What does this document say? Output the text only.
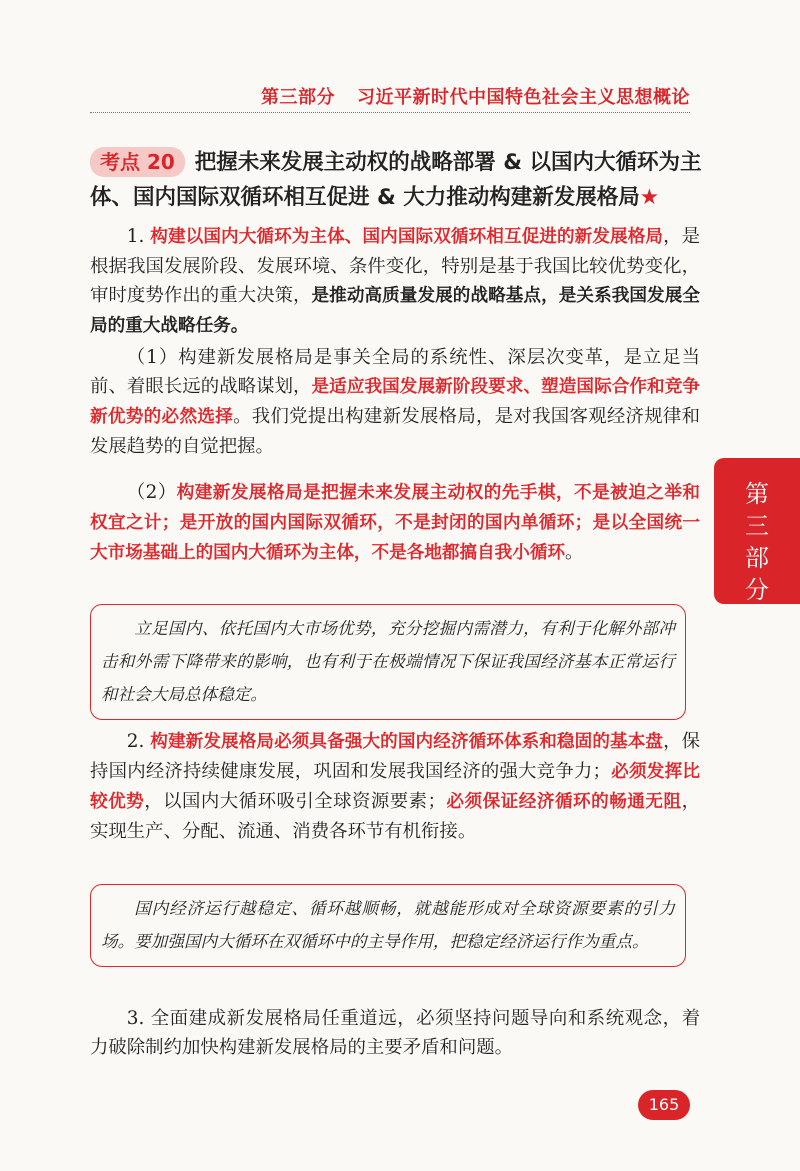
第三部分 习近平新时代中国特色社会主义思想概论
考点 20 把握未来发展主动权的战略部署 & 以国内大循环为主体、国内国际双循环相互促进 & 大力推动构建新发展格局★

1. 构建以国内大循环为主体、国内国际双循环相互促进的新发展格局，是根据我国发展阶段、发展环境、条件变化，特别是基于我国比较优势变化，审时度势作出的重大决策，是推动高质量发展的战略基点，是关系我国发展全局的重大战略任务。

（1）构建新发展格局是事关全局的系统性、深层次变革，是立足当前、着眼长远的战略谋划，是适应我国发展新阶段要求、塑造国际合作和竞争新优势的必然选择。我们党提出构建新发展格局，是对我国客观经济规律和发展趋势的自觉把握。

（2）构建新发展格局是把握未来发展主动权的先手棋，不是被迫之举和权宜之计；是开放的国内国际双循环，不是封闭的国内单循环；是以全国统一大市场基础上的国内大循环为主体，不是各地都搞自我小循环。

立足国内、依托国内大市场优势，充分挖掘内需潜力，有利于化解外部冲击和外需下降带来的影响，也有利于在极端情况下保证我国经济基本正常运行和社会大局总体稳定。

2. 构建新发展格局必须具备强大的国内经济循环体系和稳固的基本盘，保持国内经济持续健康发展，巩固和发展我国经济的强大竞争力；必须发挥比较优势，以国内大循环吸引全球资源要素；必须保证经济循环的畅通无阻，实现生产、分配、流通、消费各环节有机衔接。

国内经济运行越稳定、循环越顺畅，就越能形成对全球资源要素的引力场。要加强国内大循环在双循环中的主导作用，把稳定经济运行作为重点。

3. 全面建成新发展格局任重道远，必须坚持问题导向和系统观念，着力破除制约加快构建新发展格局的主要矛盾和问题。

第
三
部
分
165
